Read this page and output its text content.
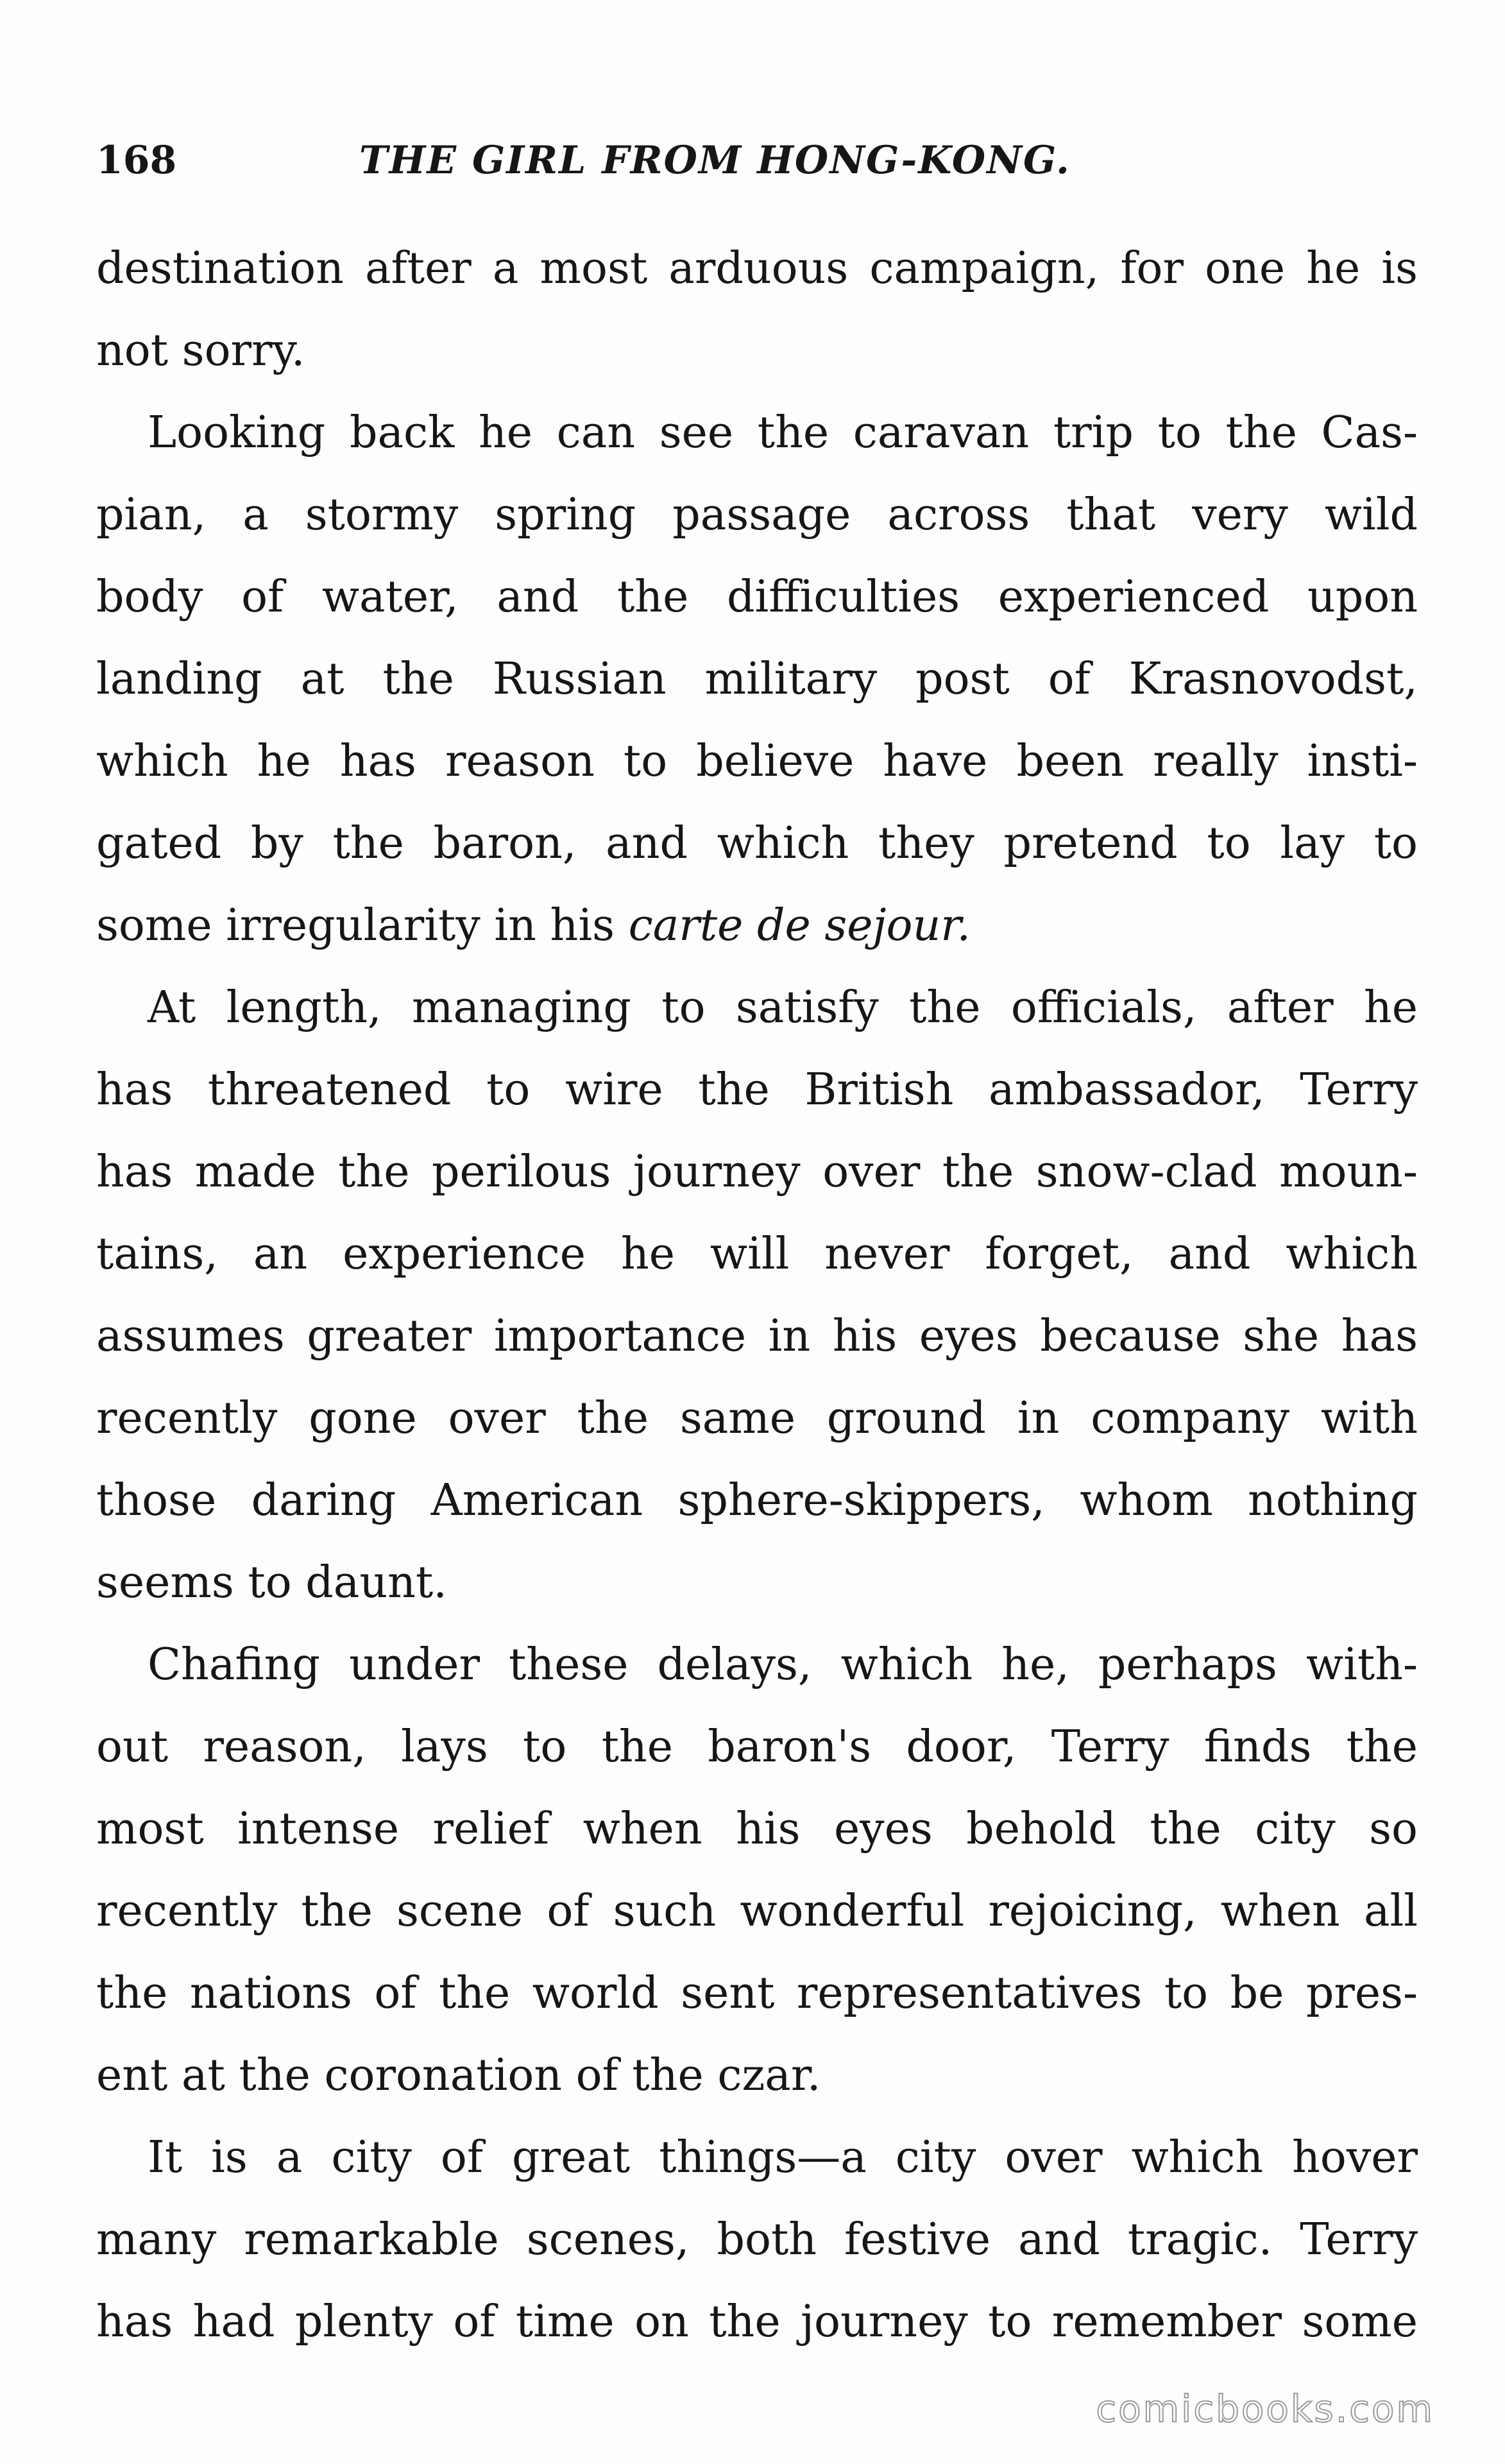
168	THE GIRL FROM HONG-KONG.
destination after a most arduous campaign, for one he is
not sorry.
Looking back he can see the caravan trip to the Cas-
pian, a stormy spring passage across that very wild
body of water, and the difficulties experienced upon
landing at the Russian military post of Krasnovodst,
which he has reason to believe have been really insti-
gated by the baron, and which they pretend to lay to
some irregularity in his carte de sejour.
At length, managing to satisfy the officials, after he
has threatened to wire the British ambassador, Terry
has made the perilous journey over the snow-clad moun-
tains, an experience he will never forget, and which
assumes greater importance in his eyes because she has
recently gone over the same ground in company with
those daring American sphere-skippers, whom nothing
seems to daunt.
Chafing under these delays, which he, perhaps with-
out reason, lays to the baron's door, Terry finds the
most intense relief when his eyes behold the city so
recently the scene of such wonderful rejoicing, when all
the nations of the world sent representatives to be pres-
ent at the coronation of the czar.
It is a city of great things—a city over which hover
many remarkable scenes, both festive and tragic. Terry
has had plenty of time on the journey to remember some
comicbooks.com
